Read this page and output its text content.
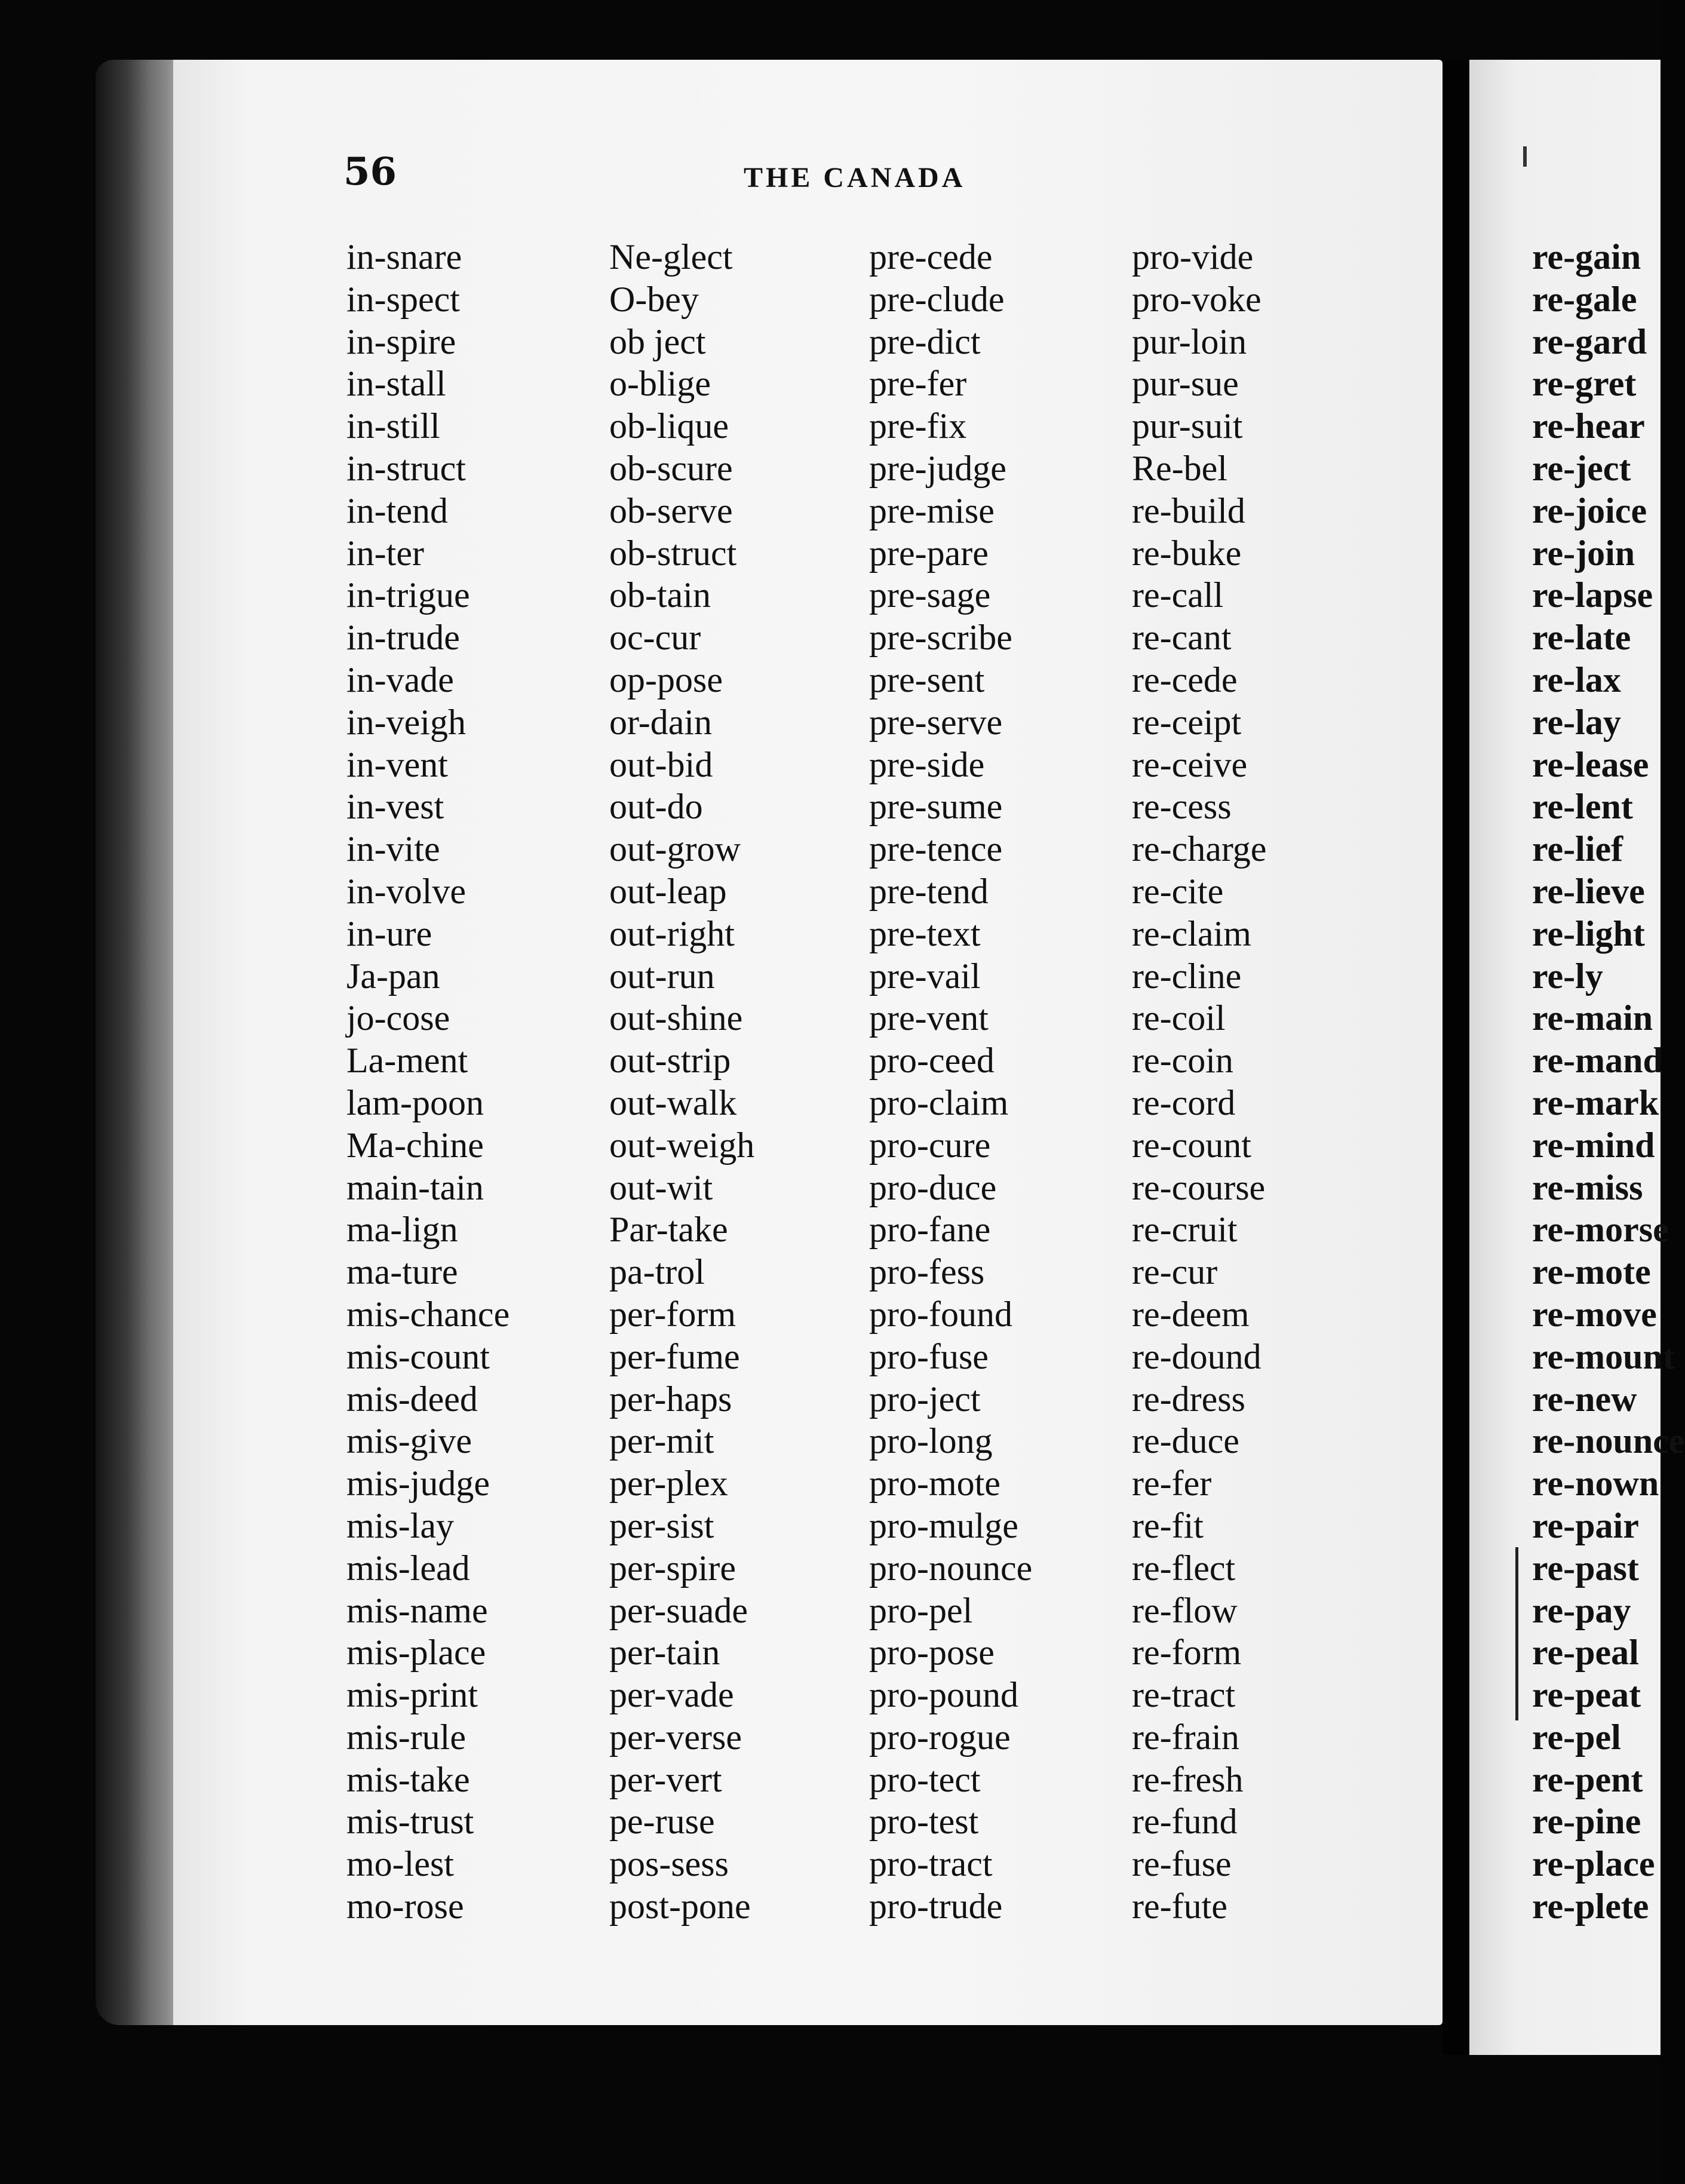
56	THE CANADA
in-snare
in-spect
in-spire
in-stall
in-still
in-struct
in-tend
in-ter
in-trigue
in-trude
in-vade
in-veigh
in-vent
in-vest
in-vite
in-volve
in-ure
Ja-pan
jo-cose
La-ment
lam-poon
Ma-chine
main-tain
ma-lign
ma-ture
mis-chance
mis-count
mis-deed
mis-give
mis-judge
mis-lay
mis-lead
mis-name
mis-place
mis-print
mis-rule
mis-take
mis-trust
mo-lest
mo-rose
Ne-glect
O-bey
ob ject
o-blige
ob-lique
ob-scure
ob-serve
ob-struct
ob-tain
oc-cur
op-pose
or-dain
out-bid
out-do
out-grow
out-leap
out-right
out-run
out-shine
out-strip
out-walk
out-weigh
out-wit
Par-take
pa-trol
per-form
per-fume
per-haps
per-mit
per-plex
per-sist
per-spire
per-suade
per-tain
per-vade
per-verse
per-vert
pe-ruse
pos-sess
post-pone
pre-cede
pre-clude
pre-dict
pre-fer
pre-fix
pre-judge
pre-mise
pre-pare
pre-sage
pre-scribe
pre-sent
pre-serve
pre-side
pre-sume
pre-tence
pre-tend
pre-text
pre-vail
pre-vent
pro-ceed
pro-claim
pro-cure
pro-duce
pro-fane
pro-fess
pro-found
pro-fuse
pro-ject
pro-long
pro-mote
pro-mulge
pro-nounce
pro-pel
pro-pose
pro-pound
pro-rogue
pro-tect
pro-test
pro-tract
pro-trude
pro-vide
pro-voke
pur-loin
pur-sue
pur-suit
Re-bel
re-build
re-buke
re-call
re-cant
re-cede
re-ceipt
re-ceive
re-cess
re-charge
re-cite
re-claim
re-cline
re-coil
re-coin
re-cord
re-count
re-course
re-cruit
re-cur
re-deem
re-dound
re-dress
re-duce
re-fer
re-fit
re-flect
re-flow
re-form
re-tract
re-frain
re-fresh
re-fund
re-fuse
re-fute
re-gain
re-gale
re-gard
re-gret
re-hear
re-ject
re-joice
re-join
re-lapse
re-late
re-lax
re-lay
re-lease
re-lent
re-lief
re-lieve
re-light
re-ly
re-main
re-mand
re-mark
re-mind
re-miss
re-morse
re-mote
re-move
re-mount
re-new
re-nounce
re-nown
re-pair
re-past
re-pay
re-peal
re-peat
re-pel
re-pent
re-pine
re-place
re-plete
